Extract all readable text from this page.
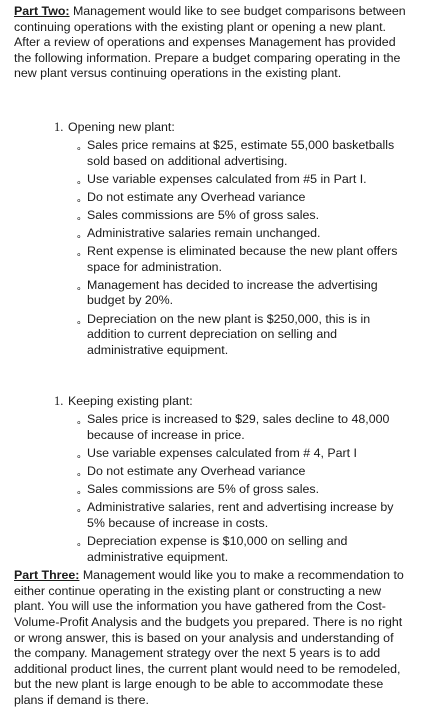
Part Two: Management would like to see budget comparisons between continuing operations with the existing plant or opening a new plant. After a review of operations and expenses Management has provided the following information. Prepare a budget comparing operating in the new plant versus continuing operations in the existing plant.

1. Opening new plant:
∘ Sales price remains at $25, estimate 55,000 basketballs sold based on additional advertising.
∘ Use variable expenses calculated from #5 in Part I.
∘ Do not estimate any Overhead variance
∘ Sales commissions are 5% of gross sales.
∘ Administrative salaries remain unchanged.
∘ Rent expense is eliminated because the new plant offers space for administration.
∘ Management has decided to increase the advertising budget by 20%.
∘ Depreciation on the new plant is $250,000, this is in addition to current depreciation on selling and administrative equipment.
1. Keeping existing plant:
∘ Sales price is increased to $29, sales decline to 48,000 because of increase in price.
∘ Use variable expenses calculated from # 4, Part I
∘ Do not estimate any Overhead variance
∘ Sales commissions are 5% of gross sales.
∘ Administrative salaries, rent and advertising increase by 5% because of increase in costs.
∘ Depreciation expense is $10,000 on selling and administrative equipment.

Part Three: Management would like you to make a recommendation to either continue operating in the existing plant or constructing a new plant. You will use the information you have gathered from the Cost-Volume-Profit Analysis and the budgets you prepared. There is no right or wrong answer, this is based on your analysis and understanding of the company. Management strategy over the next 5 years is to add additional product lines, the current plant would need to be remodeled, but the new plant is large enough to be able to accommodate these plans if demand is there.
